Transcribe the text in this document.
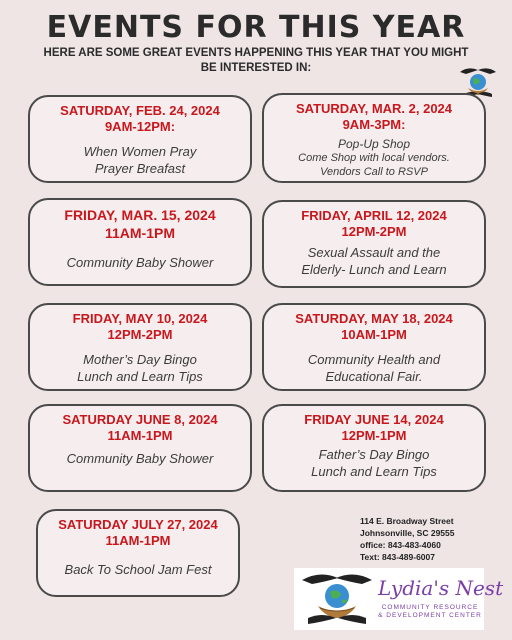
EVENTS FOR THIS YEAR
HERE ARE SOME GREAT EVENTS HAPPENING THIS YEAR THAT YOU MIGHT BE INTERESTED IN:
SATURDAY, FEB. 24, 2024
9AM-12PM:
When Women Pray
Prayer Breafast
SATURDAY, MAR. 2, 2024
9AM-3PM:
Pop-Up Shop
Come Shop with local vendors.
Vendors Call to RSVP
FRIDAY, MAR. 15, 2024
11AM-1PM
Community Baby Shower
FRIDAY, APRIL 12, 2024
12PM-2PM
Sexual Assault and the
Elderly- Lunch and Learn
FRIDAY, MAY 10, 2024
12PM-2PM
Mother’s Day Bingo
Lunch and Learn Tips
SATURDAY, MAY 18, 2024
10AM-1PM
Community Health and
Educational Fair.
SATURDAY JUNE 8, 2024
11AM-1PM
Community Baby Shower
FRIDAY JUNE 14, 2024
12PM-1PM
Father’s Day Bingo
Lunch and Learn Tips
SATURDAY JULY 27, 2024
11AM-1PM
Back To School Jam Fest
114 E. Broadway Street
Johnsonville, SC 29555
office: 843-483-4060
Text: 843-489-6007
Lydia's Nest
COMMUNITY RESOURCE & DEVELOPMENT CENTER
